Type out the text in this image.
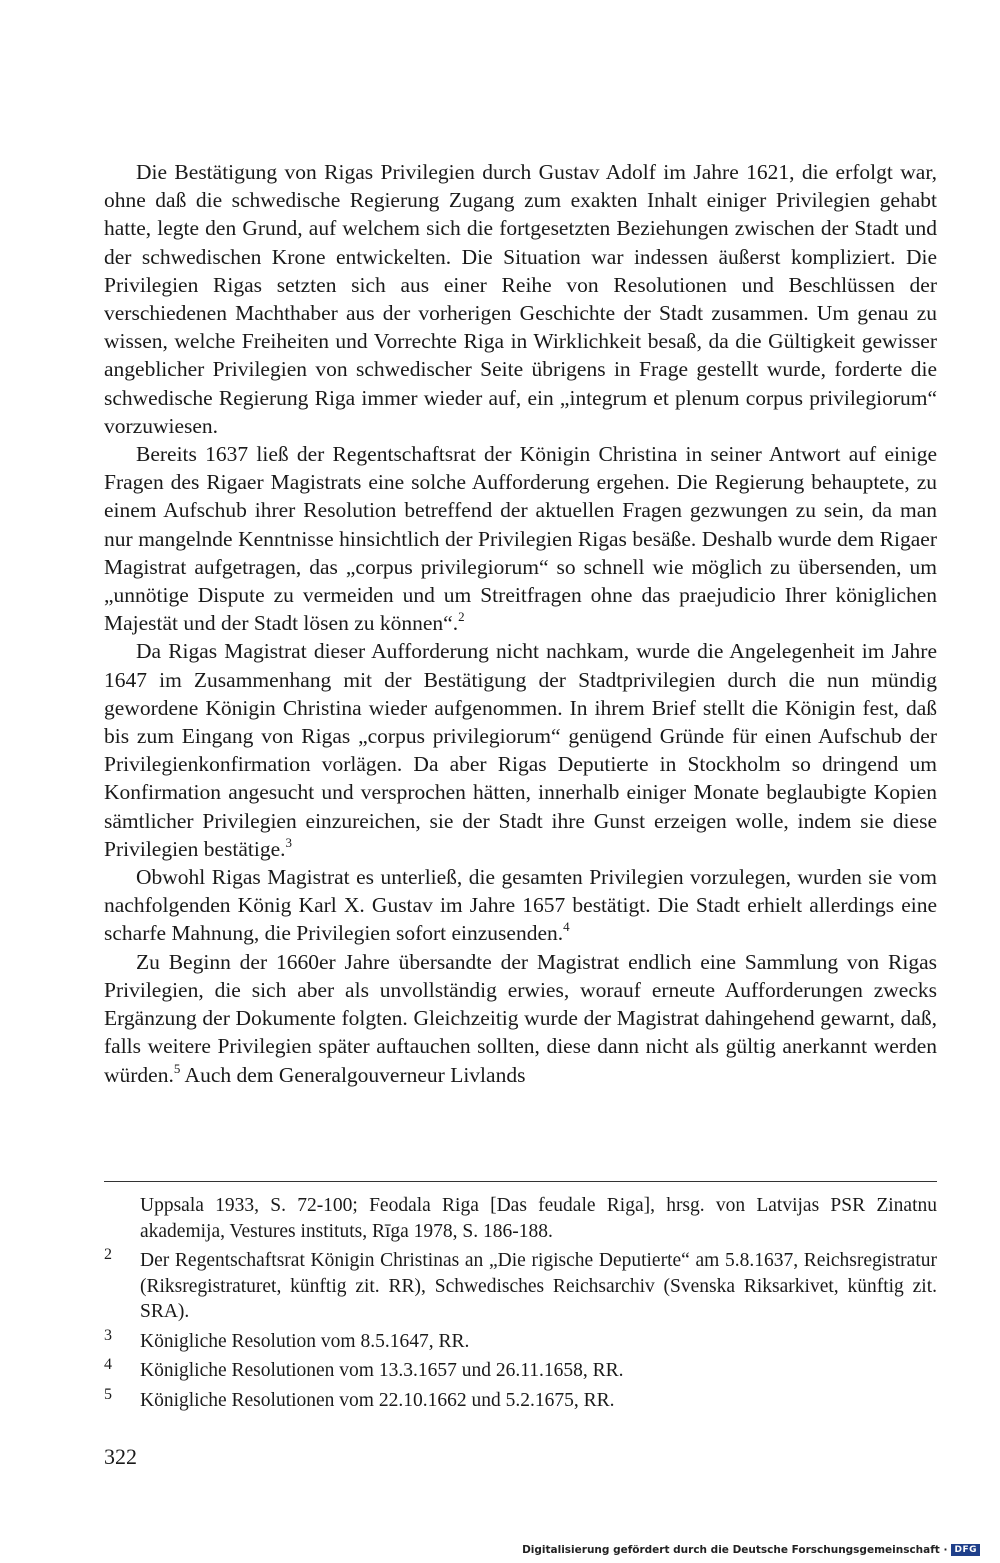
Die Bestätigung von Rigas Privilegien durch Gustav Adolf im Jahre 1621, die erfolgt war, ohne daß die schwedische Regierung Zugang zum exakten Inhalt einiger Privilegien gehabt hatte, legte den Grund, auf welchem sich die fortgesetzten Beziehungen zwischen der Stadt und der schwedischen Krone entwickelten. Die Situation war indessen äußerst kompliziert. Die Privilegien Rigas setzten sich aus einer Reihe von Resolutionen und Beschlüssen der verschiedenen Machthaber aus der vorherigen Geschichte der Stadt zusammen. Um genau zu wissen, welche Freiheiten und Vorrechte Riga in Wirklichkeit besaß, da die Gültigkeit gewisser angeblicher Privilegien von schwedischer Seite übrigens in Frage gestellt wurde, forderte die schwedische Regierung Riga immer wieder auf, ein „integrum et plenum corpus privilegiorum“ vorzuwiesen.

Bereits 1637 ließ der Regentschaftsrat der Königin Christina in seiner Antwort auf einige Fragen des Rigaer Magistrats eine solche Aufforderung ergehen. Die Regierung behauptete, zu einem Aufschub ihrer Resolution betreffend der aktuellen Fragen gezwungen zu sein, da man nur mangelnde Kenntnisse hinsichtlich der Privilegien Rigas besäße. Deshalb wurde dem Rigaer Magistrat aufgetragen, das „corpus privilegiorum“ so schnell wie möglich zu übersenden, um „unnötige Dispute zu vermeiden und um Streitfragen ohne das praejudicio Ihrer königlichen Majestät und der Stadt lösen zu können“.$^2$

Da Rigas Magistrat dieser Aufforderung nicht nachkam, wurde die Angelegenheit im Jahre 1647 im Zusammenhang mit der Bestätigung der Stadtprivilegien durch die nun mündig gewordene Königin Christina wieder aufgenommen. In ihrem Brief stellt die Königin fest, daß bis zum Eingang von Rigas „corpus privilegiorum“ genügend Gründe für einen Aufschub der Privilegienkonfirmation vorlägen. Da aber Rigas Deputierte in Stockholm so dringend um Konfirmation angesucht und versprochen hätten, innerhalb einiger Monate beglaubigte Kopien sämtlicher Privilegien einzureichen, sie der Stadt ihre Gunst erzeigen wolle, indem sie diese Privilegien bestätige.$^3$

Obwohl Rigas Magistrat es unterließ, die gesamten Privilegien vorzulegen, wurden sie vom nachfolgenden König Karl X. Gustav im Jahre 1657 bestätigt. Die Stadt erhielt allerdings eine scharfe Mahnung, die Privilegien sofort einzusenden.$^4$

Zu Beginn der 1660er Jahre übersandte der Magistrat endlich eine Sammlung von Rigas Privilegien, die sich aber als unvollständig erwies, worauf erneute Aufforderungen zwecks Ergänzung der Dokumente folgten. Gleichzeitig wurde der Magistrat dahingehend gewarnt, daß, falls weitere Privilegien später auftauchen sollten, diese dann nicht als gültig anerkannt werden würden.$^5$ Auch dem Generalgouverneur Livlands

Uppsala 1933, S. 72-100; Feodala Riga [Das feudale Riga], hrsg. von Latvijas PSR Zinatnu akademija, Vestures instituts, Rīga 1978, S. 186-188.
2 Der Regentschaftsrat Königin Christinas an „Die rigische Deputierte“ am 5.8.1637, Reichsregistratur (Riksregistraturet, künftig zit. RR), Schwedisches Reichsarchiv (Svenska Riksarkivet, künftig zit. SRA).
3 Königliche Resolution vom 8.5.1647, RR.
4 Königliche Resolutionen vom 13.3.1657 und 26.11.1658, RR.
5 Königliche Resolutionen vom 22.10.1662 und 5.2.1675, RR.
322
Digitalisierung gefördert durch die Deutsche Forschungsgemeinschaft · DFG
